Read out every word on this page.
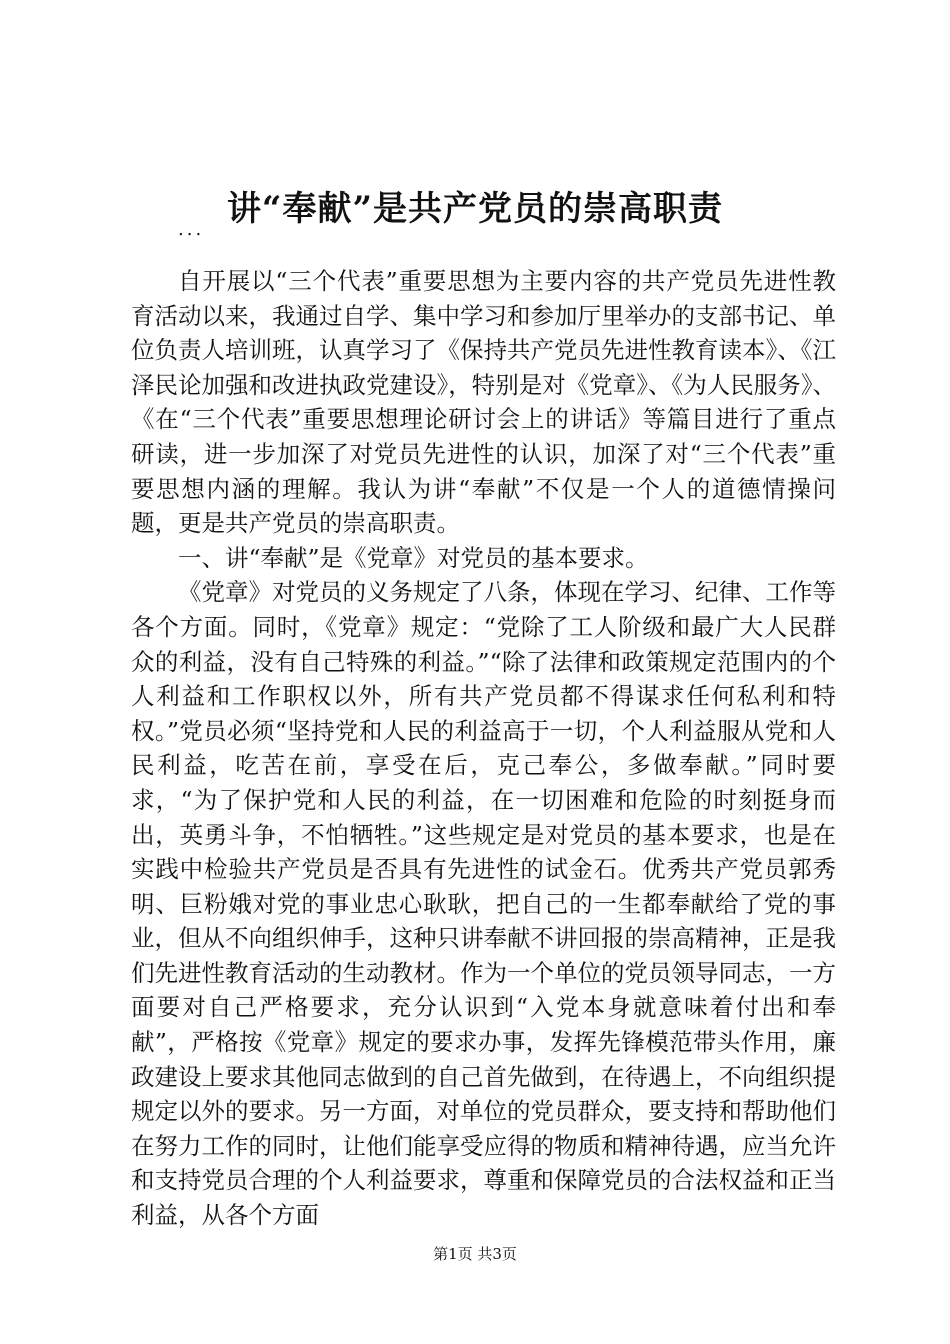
讲“奉献”是共产党员的崇高职责
...

自开展以“三个代表”重要思想为主要内容的共产党员先进性教育活动以来，我通过自学、集中学习和参加厅里举办的支部书记、单位负责人培训班，认真学习了《保持共产党员先进性教育读本》、《江泽民论加强和改进执政党建设》，特别是对《党章》、《为人民服务》、《在“三个代表”重要思想理论研讨会上的讲话》等篇目进行了重点研读，进一步加深了对党员先进性的认识，加深了对“三个代表”重要思想内涵的理解。我认为讲“奉献”不仅是一个人的道德情操问题，更是共产党员的崇高职责。

一、讲“奉献”是《党章》对党员的基本要求。

《党章》对党员的义务规定了八条，体现在学习、纪律、工作等各个方面。同时，《党章》规定：“党除了工人阶级和最广大人民群众的利益，没有自己特殊的利益。”“除了法律和政策规定范围内的个人利益和工作职权以外，所有共产党员都不得谋求任何私利和特权。”党员必须“坚持党和人民的利益高于一切，个人利益服从党和人民利益，吃苦在前，享受在后，克己奉公，多做奉献。”同时要求，“为了保护党和人民的利益，在一切困难和危险的时刻挺身而出，英勇斗争，不怕牺牲。”这些规定是对党员的基本要求，也是在实践中检验共产党员是否具有先进性的试金石。优秀共产党员郭秀明、巨粉娥对党的事业忠心耿耿，把自己的一生都奉献给了党的事业，但从不向组织伸手，这种只讲奉献不讲回报的崇高精神，正是我们先进性教育活动的生动教材。作为一个单位的党员领导同志，一方面要对自己严格要求，充分认识到“入党本身就意味着付出和奉献”，严格按《党章》规定的要求办事，发挥先锋模范带头作用，廉政建设上要求其他同志做到的自己首先做到，在待遇上，不向组织提规定以外的要求。另一方面，对单位的党员群众，要支持和帮助他们在努力工作的同时，让他们能享受应得的物质和精神待遇，应当允许和支持党员合理的个人利益要求，尊重和保障党员的合法权益和正当利益，从各个方面

第1页 共3页
